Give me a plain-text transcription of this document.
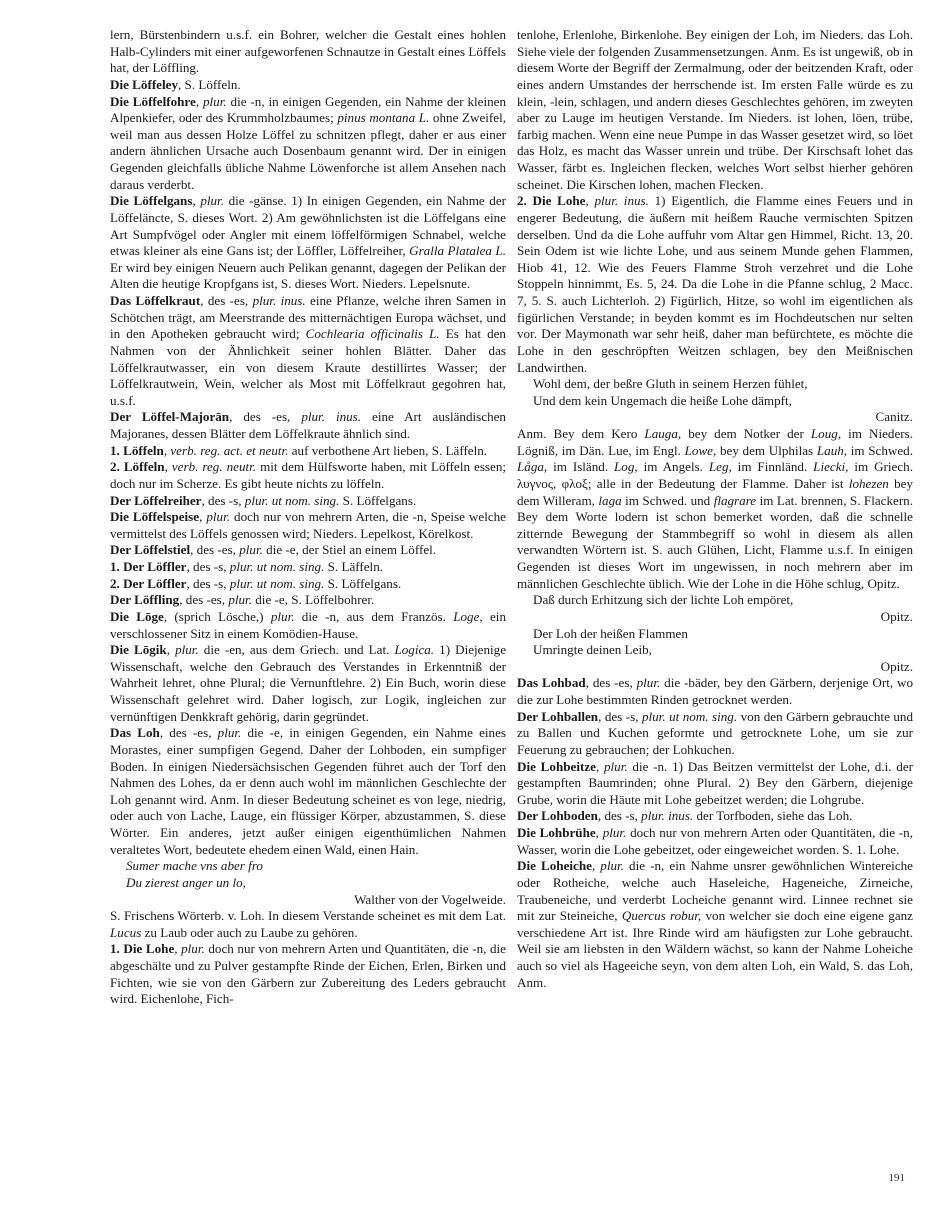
lern, Bürstenbindern u.s.f. ein Bohrer, welcher die Gestalt eines hohlen Halb-Cylinders mit einer aufgeworfenen Schnautze in Gestalt eines Löffels hat, der Löffling.

Die Löffeley, S. Löffeln.

Die Löffelfohre, plur. die -n, in einigen Gegenden, ein Nahme der kleinen Alpenkiefer, oder des Krummholzbaumes; pinus montana L. ohne Zweifel, weil man aus dessen Holze Löffel zu schnitzen pflegt, daher er aus einer andern ähnlichen Ursache auch Dosenbaum genannt wird. Der in einigen Gegenden gleichfalls übliche Nahme Löwenforche ist allem Ansehen nach daraus verderbt.

Die Löffelgans, plur. die -gänse. 1) In einigen Gegenden, ein Nahme der Löffeläncte, S. dieses Wort. 2) Am gewöhnlichsten ist die Löffelgans eine Art Sumpfvögel oder Angler mit einem löffelförmigen Schnabel, welche etwas kleiner als eine Gans ist; der Löffler, Löffelreiher, Gralla Platalea L. Er wird bey einigen Neuern auch Pelikan genannt, dagegen der Pelikan der Alten die heutige Kropfgans ist, S. dieses Wort. Nieders. Lepelsnute.

Das Löffelkraut, des -es, plur. inus. eine Pflanze, welche ihren Samen in Schötchen trägt, am Meerstrande des mitternächtigen Europa wächset, und in den Apotheken gebraucht wird; Cochlearia officinalis L. Es hat den Nahmen von der Ähnlichkeit seiner hohlen Blätter. Daher das Löffelkrautwasser, ein von diesem Kraute destillirtes Wasser; der Löffelkrautwein, Wein, welcher als Most mit Löffelkraut gegohren hat, u.s.f.

Der Löffel-Majorān, des -es, plur. inus. eine Art ausländischen Majoranes, dessen Blätter dem Löffelkraute ähnlich sind.

1. Löffeln, verb. reg. act. et neutr. auf verbothene Art lieben, S. Läffeln.

2. Löffeln, verb. reg. neutr. mit dem Hülfsworte haben, mit Löffeln essen; doch nur im Scherze. Es gibt heute nichts zu löffeln.

Der Löffelreiher, des -s, plur. ut nom. sing. S. Löffelgans.

Die Löffelspeise, plur. doch nur von mehrern Arten, die -n, Speise welche vermittelst des Löffels genossen wird; Nieders. Lepelkost, Körelkost.

Der Löffelstiel, des -es, plur. die -e, der Stiel an einem Löffel.

1. Der Löffler, des -s, plur. ut nom. sing. S. Läffeln.

2. Der Löffler, des -s, plur. ut nom. sing. S. Löffelgans.

Der Löffling, des -es, plur. die -e, S. Löffelbohrer.

Die Lōge, (sprich Lösche,) plur. die -n, aus dem Französ. Loge, ein verschlossener Sitz in einem Komödien-Hause.

Die Lōgik, plur. die -en, aus dem Griech. und Lat. Logica. 1) Diejenige Wissenschaft, welche den Gebrauch des Verstandes in Erkenntniß der Wahrheit lehret, ohne Plural; die Vernunftlehre. 2) Ein Buch, worin diese Wissenschaft gelehret wird. Daher logisch, zur Logik, ingleichen zur vernünftigen Denkkraft gehörig, darin gegründet.

Das Loh, des -es, plur. die -e, in einigen Gegenden, ein Nahme eines Morastes, einer sumpfigen Gegend. Daher der Lohboden, ein sumpfiger Boden. In einigen Niedersächsischen Gegenden führet auch der Torf den Nahmen des Lohes, da er denn auch wohl im männlichen Geschlechte der Loh genannt wird. Anm. In dieser Bedeutung scheinet es von lege, niedrig, oder auch von Lache, Lauge, ein flüssiger Körper, abzustammen, S. diese Wörter. Ein anderes, jetzt außer einigen eigenthümlichen Nahmen veraltetes Wort, bedeutete ehedem einen Wald, einen Hain.

Sumer mache vns aber fro

Du zierest anger un lo,

Walther von der Vogelweide.

S. Frischens Wörterb. v. Loh. In diesem Verstande scheinet es mit dem Lat. Lucus zu Laub oder auch zu Laube zu gehören.

1. Die Lohe, plur. doch nur von mehrern Arten und Quantitäten, die -n, die abgeschälte und zu Pulver gestampfte Rinde der Eichen, Erlen, Birken und Fichten, wie sie von den Gärbern zur Zubereitung des Leders gebraucht wird. Eichenlohe, Fich-

tenlohe, Erlenlohe, Birkenlohe. Bey einigen der Loh, im Nieders. das Loh. Siehe viele der folgenden Zusammensetzungen. Anm. Es ist ungewiß, ob in diesem Worte der Begriff der Zermalmung, oder der beitzenden Kraft, oder eines andern Umstandes der herrschende ist. Im ersten Falle würde es zu klein, -lein, schlagen, und andern dieses Geschlechtes gehören, im zweyten aber zu Lauge im heutigen Verstande. Im Nieders. ist lohen, löen, trübe, farbig machen. Wenn eine neue Pumpe in das Wasser gesetzet wird, so löet das Holz, es macht das Wasser unrein und trübe. Der Kirschsaft lohet das Wasser, färbt es. Ingleichen flecken, welches Wort selbst hierher gehören scheinet. Die Kirschen lohen, machen Flecken.

2. Die Lohe, plur. inus. 1) Eigentlich, die Flamme eines Feuers und in engerer Bedeutung, die äußern mit heißem Rauche vermischten Spitzen derselben. Und da die Lohe auffuhr vom Altar gen Himmel, Richt. 13, 20. Sein Odem ist wie lichte Lohe, und aus seinem Munde gehen Flammen, Hiob 41, 12. Wie des Feuers Flamme Stroh verzehret und die Lohe Stoppeln hinnimmt, Es. 5, 24. Da die Lohe in die Pfanne schlug, 2 Macc. 7, 5. S. auch Lichterloh. 2) Figürlich, Hitze, so wohl im eigentlichen als figürlichen Verstande; in beyden kommt es im Hochdeutschen nur selten vor. Der Maymonath war sehr heiß, daher man befürchtete, es möchte die Lohe in den geschröpften Weitzen schlagen, bey den Meißnischen Landwirthen.

Wohl dem, der beßre Gluth in seinem Herzen fühlet,

Und dem kein Ungemach die heiße Lohe dämpft,

Canitz.

Anm. Bey dem Kero Lauga, bey dem Notker der Loug, im Nieders. Lögniß, im Dän. Lue, im Engl. Lowe, bey dem Ulphilas Lauh, im Schwed. Låga, im Isländ. Log, im Angels. Leg, im Finnländ. Liecki, im Griech. λυγνος, φλοξ; alle in der Bedeutung der Flamme. Daher ist lohezen bey dem Willeram, laga im Schwed. und flagrare im Lat. brennen, S. Flackern. Bey dem Worte lodern ist schon bemerket worden, daß die schnelle zitternde Bewegung der Stammbegriff so wohl in diesem als allen verwandten Wörtern ist. S. auch Glühen, Licht, Flamme u.s.f. In einigen Gegenden ist dieses Wort im ungewissen, in noch mehrern aber im männlichen Geschlechte üblich. Wie der Lohe in die Höhe schlug, Opitz.

Daß durch Erhitzung sich der lichte Loh empöret,

Opitz.

Der Loh der heißen Flammen

Umringte deinen Leib,

Opitz.

Das Lohbad, des -es, plur. die -bäder, bey den Gärbern, derjenige Ort, wo die zur Lohe bestimmten Rinden getrocknet werden.

Der Lohballen, des -s, plur. ut nom. sing. von den Gärbern gebrauchte und zu Ballen und Kuchen geformte und getrocknete Lohe, um sie zur Feuerung zu gebrauchen; der Lohkuchen.

Die Lohbeitze, plur. die -n. 1) Das Beitzen vermittelst der Lohe, d.i. der gestampften Baumrinden; ohne Plural. 2) Bey den Gärbern, diejenige Grube, worin die Häute mit Lohe gebeitzet werden; die Lohgrube.

Der Lohboden, des -s, plur. inus. der Torfboden, siehe das Loh.

Die Lohbrühe, plur. doch nur von mehrern Arten oder Quantitäten, die -n, Wasser, worin die Lohe gebeitzet, oder eingeweichet worden. S. 1. Lohe.

Die Loheiche, plur. die -n, ein Nahme unsrer gewöhnlichen Wintereiche oder Rotheiche, welche auch Haseleiche, Hageneiche, Zirneiche, Traubeneiche, und verderbt Locheiche genannt wird. Linnee rechnet sie mit zur Steineiche, Quercus robur, von welcher sie doch eine eigene ganz verschiedene Art ist. Ihre Rinde wird am häufigsten zur Lohe gebraucht. Weil sie am liebsten in den Wäldern wächst, so kann der Nahme Loheiche auch so viel als Hageeiche seyn, von dem alten Loh, ein Wald, S. das Loh, Anm.

191
